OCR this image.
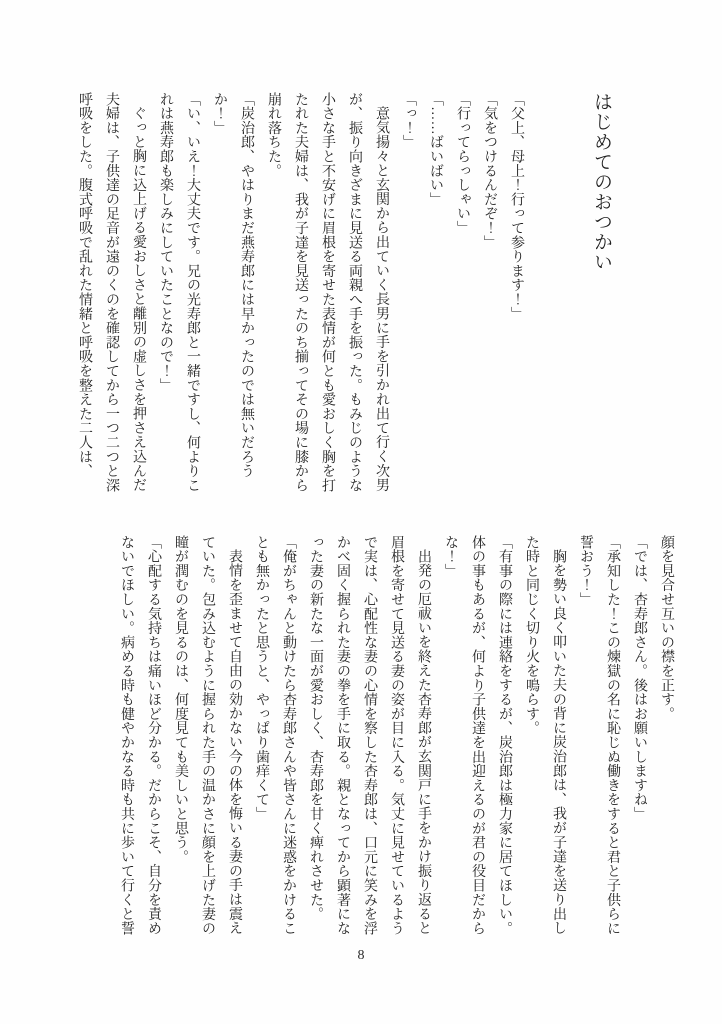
はじめてのおつかい

「父上、母上！行って参ります！」

「気をつけるんだぞ！」

「行ってらっしゃい」

「……ばいばい」

「っ！」

意気揚々と玄関から出ていく長男に手を引かれ出て行く次男が、振り向きざまに見送る両親へ手を振った。もみじのような小さな手と不安げに眉根を寄せた表情が何とも愛おしく胸を打たれた夫婦は、我が子達を見送ったのち揃ってその場に膝から崩れ落ちた。

「炭治郎、やはりまだ燕寿郎には早かったのでは無いだろうか！」

「い、いえ！大丈夫です。兄の光寿郎と一緒ですし、何よりこれは燕寿郎も楽しみにしていたことなので！」

ぐっと胸に込上げる愛おしさと離別の虚しさを押さえ込んだ夫婦は、子供達の足音が遠のくのを確認してから一つ二つと深呼吸をした。腹式呼吸で乱れた情緒と呼吸を整えた二人は、

顔を見合せ互いの襟を正す。

「では、杏寿郎さん。後はお願いしますね」

「承知した！この煉獄の名に恥じぬ働きをすると君と子供らに誓おう！」

胸を勢い良く叩いた夫の背に炭治郎は、我が子達を送り出した時と同じく切り火を鳴らす。

「有事の際には連絡をするが、炭治郎は極力家に居てほしい。体の事もあるが、何より子供達を出迎えるのが君の役目だからな！」

出発の厄祓いを終えた杏寿郎が玄関戸に手をかけ振り返ると眉根を寄せて見送る妻の姿が目に入る。気丈に見せているようで実は、心配性な妻の心情を察した杏寿郎は、口元に笑みを浮かべ固く握られた妻の拳を手に取る。親となってから顕著になった妻の新たな一面が愛おしく、杏寿郎を甘く痺れさせた。

「俺がちゃんと動けたら杏寿郎さんや皆さんに迷惑をかけることも無かったと思うと、やっぱり歯痒くて」

表情を歪ませて自由の効かない今の体を悔いる妻の手は震えていた。包み込むように握られた手の温かさに顔を上げた妻の瞳が潤むのを見るのは、何度見ても美しいと思う。

「心配する気持ちは痛いほど分かる。だからこそ、自分を責めないでほしい。病める時も健やかなる時も共に歩いて行くと誓

8
